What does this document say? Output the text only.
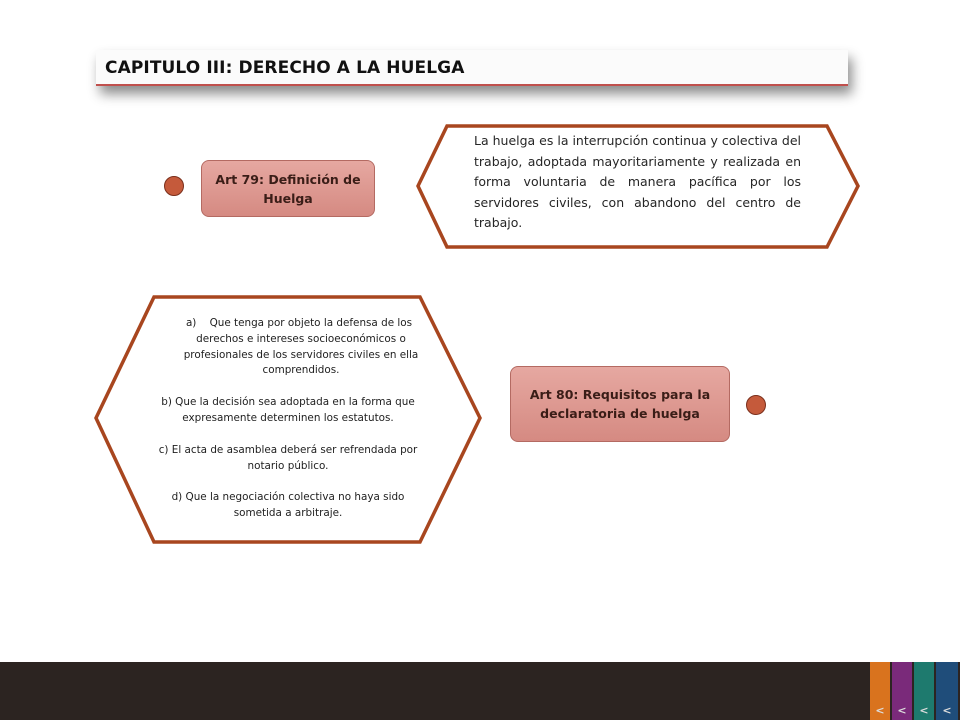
CAPITULO III: DERECHO A LA HUELGA
Art 79: Definición de Huelga
La huelga es la interrupción continua y colectiva del trabajo, adoptada mayoritariamente y realizada en forma voluntaria de manera pacífica por los servidores civiles, con abandono del centro de trabajo.

a)    Que tenga por objeto la defensa de los derechos e intereses socioeconómicos o profesionales de los servidores civiles en ella comprendidos.

b) Que la decisión sea adoptada en la forma que expresamente determinen los estatutos.

c) El acta de asamblea deberá ser refrendada por notario público.

d) Que la negociación colectiva no haya sido sometida a arbitraje.

Art 80: Requisitos para la declaratoria de huelga
< < < <
